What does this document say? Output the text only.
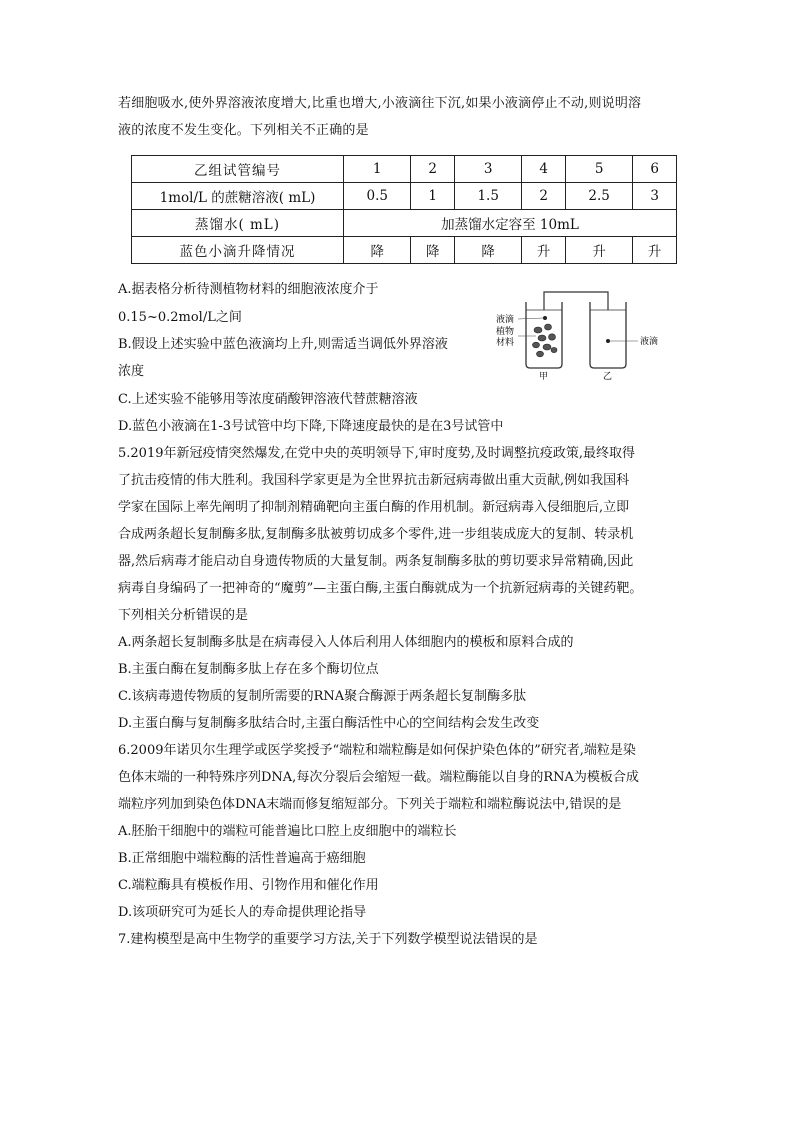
若细胞吸水,使外界溶液浓度增大,比重也增大,小液滴往下沉,如果小液滴停止不动,则说明溶
液的浓度不发生变化。下列相关不正确的是
乙组试管编号	1	2	3	4	5	6
1mol/L 的蔗糖溶液( mL)	0.5	1	1.5	2	2.5	3
蒸馏水( mL)	加蒸馏水定容至 10mL					
蓝色小滴升降情况	降	降	降	升	升	升
A.据表格分析待测植物材料的细胞液浓度介于
0.15~0.2mol/L之间
B.假设上述实验中蓝色液滴均上升,则需适当调低外界溶液
浓度
C.上述实验不能够用等浓度硝酸钾溶液代替蔗糖溶液
D.蓝色小液滴在1-3号试管中均下降,下降速度最快的是在3号试管中
液滴
植物
材料	液滴
甲	乙
5.2019年新冠疫情突然爆发,在党中央的英明领导下,审时度势,及时调整抗疫政策,最终取得
了抗击疫情的伟大胜利。我国科学家更是为全世界抗击新冠病毒做出重大贡献,例如我国科
学家在国际上率先阐明了抑制剂精确靶向主蛋白酶的作用机制。新冠病毒入侵细胞后,立即
合成两条超长复制酶多肽,复制酶多肽被剪切成多个零件,进一步组装成庞大的复制、转录机
器,然后病毒才能启动自身遗传物质的大量复制。两条复制酶多肽的剪切要求异常精确,因此
病毒自身编码了一把神奇的“魔剪”—主蛋白酶,主蛋白酶就成为一个抗新冠病毒的关键药靶。
下列相关分析错误的是
A.两条超长复制酶多肽是在病毒侵入人体后利用人体细胞内的模板和原料合成的
B.主蛋白酶在复制酶多肽上存在多个酶切位点
C.该病毒遗传物质的复制所需要的RNA聚合酶源于两条超长复制酶多肽
D.主蛋白酶与复制酶多肽结合时,主蛋白酶活性中心的空间结构会发生改变
6.2009年诺贝尔生理学或医学奖授予“端粒和端粒酶是如何保护染色体的”研究者,端粒是染
色体末端的一种特殊序列DNA,每次分裂后会缩短一截。端粒酶能以自身的RNA为模板合成
端粒序列加到染色体DNA末端而修复缩短部分。下列关于端粒和端粒酶说法中,错误的是
A.胚胎干细胞中的端粒可能普遍比口腔上皮细胞中的端粒长
B.正常细胞中端粒酶的活性普遍高于癌细胞
C.端粒酶具有模板作用、引物作用和催化作用
D.该项研究可为延长人的寿命提供理论指导
7.建构模型是高中生物学的重要学习方法,关于下列数学模型说法错误的是
